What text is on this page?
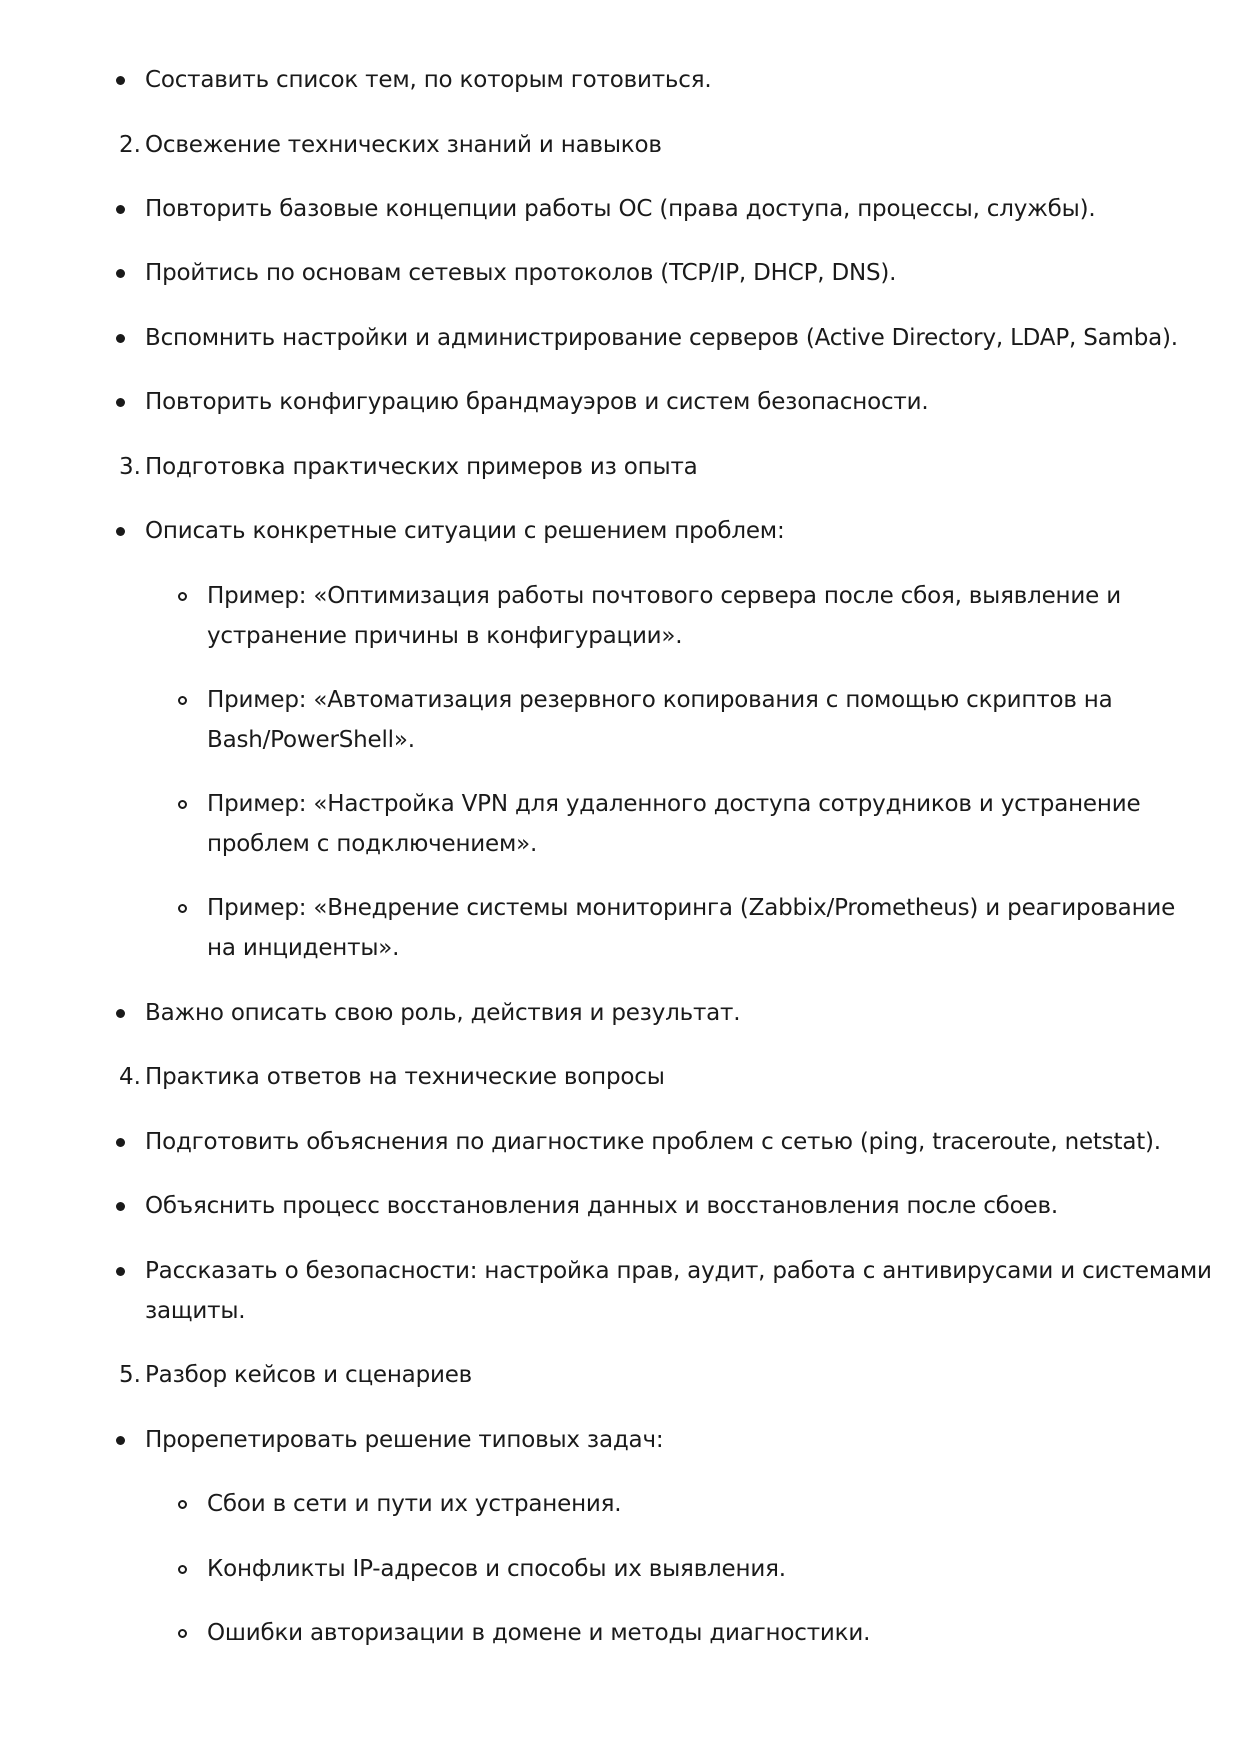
Составить список тем, по которым готовиться.
2. Освежение технических знаний и навыков
Повторить базовые концепции работы ОС (права доступа, процессы, службы).
Пройтись по основам сетевых протоколов (TCP/IP, DHCP, DNS).
Вспомнить настройки и администрирование серверов (Active Directory, LDAP, Samba).
Повторить конфигурацию брандмауэров и систем безопасности.
3. Подготовка практических примеров из опыта
Описать конкретные ситуации с решением проблем:
Пример: «Оптимизация работы почтового сервера после сбоя, выявление и
устранение причины в конфигурации».
Пример: «Автоматизация резервного копирования с помощью скриптов на
Bash/PowerShell».
Пример: «Настройка VPN для удаленного доступа сотрудников и устранение
проблем с подключением».
Пример: «Внедрение системы мониторинга (Zabbix/Prometheus) и реагирование
на инциденты».
Важно описать свою роль, действия и результат.
4. Практика ответов на технические вопросы
Подготовить объяснения по диагностике проблем с сетью (ping, traceroute, netstat).
Объяснить процесс восстановления данных и восстановления после сбоев.
Рассказать о безопасности: настройка прав, аудит, работа с антивирусами и системами
защиты.
5. Разбор кейсов и сценариев
Прорепетировать решение типовых задач:
Сбои в сети и пути их устранения.
Конфликты IP-адресов и способы их выявления.
Ошибки авторизации в домене и методы диагностики.
